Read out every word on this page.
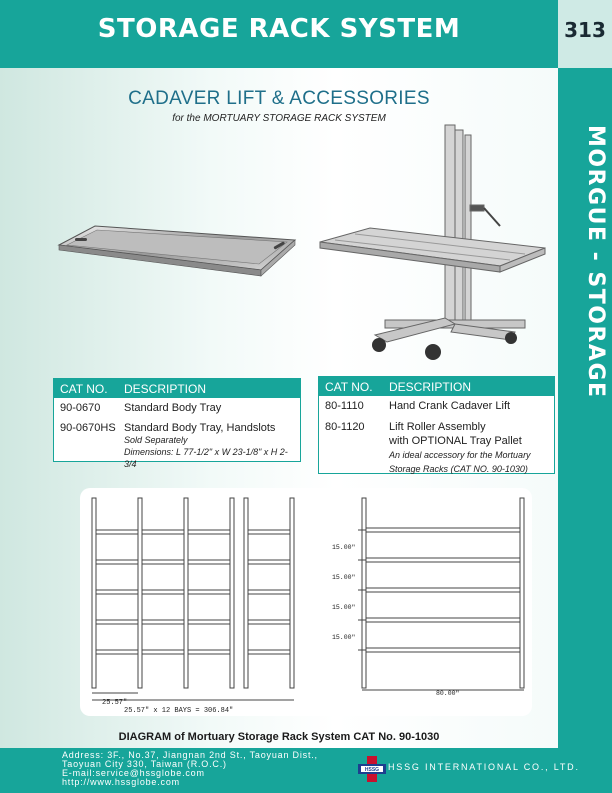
STORAGE RACK SYSTEM	313
MORGUE - STORAGE
CADAVER LIFT & ACCESSORIES
for the MORTUARY STORAGE RACK SYSTEM
CAT NO. DESCRIPTION
90-0670 Standard Body Tray
90-0670HS Standard Body Tray, Handslots
Sold Separately
Dimensions: L 77-1/2" x W 23-1/8" x H 2-3/4
CAT NO. DESCRIPTION
80-1110 Hand Crank Cadaver Lift
80-1120 Lift Roller Assembly
with OPTIONAL Tray Pallet
An ideal accessory for the Mortuary
Storage Racks (CAT NO. 90-1030)
25.57"
25.57" x 12 BAYS = 306.84"
15.00"
15.00"
15.00"
15.00"
80.00"
DIAGRAM of Mortuary Storage Rack System CAT No. 90-1030
Address: 3F., No.37, Jiangnan 2nd St., Taoyuan Dist.,
Taoyuan City 330, Taiwan (R.O.C.)
E-mail:service@hssglobe.com
http://www.hssglobe.com
HSSG HSSG INTERNATIONAL CO., LTD.
